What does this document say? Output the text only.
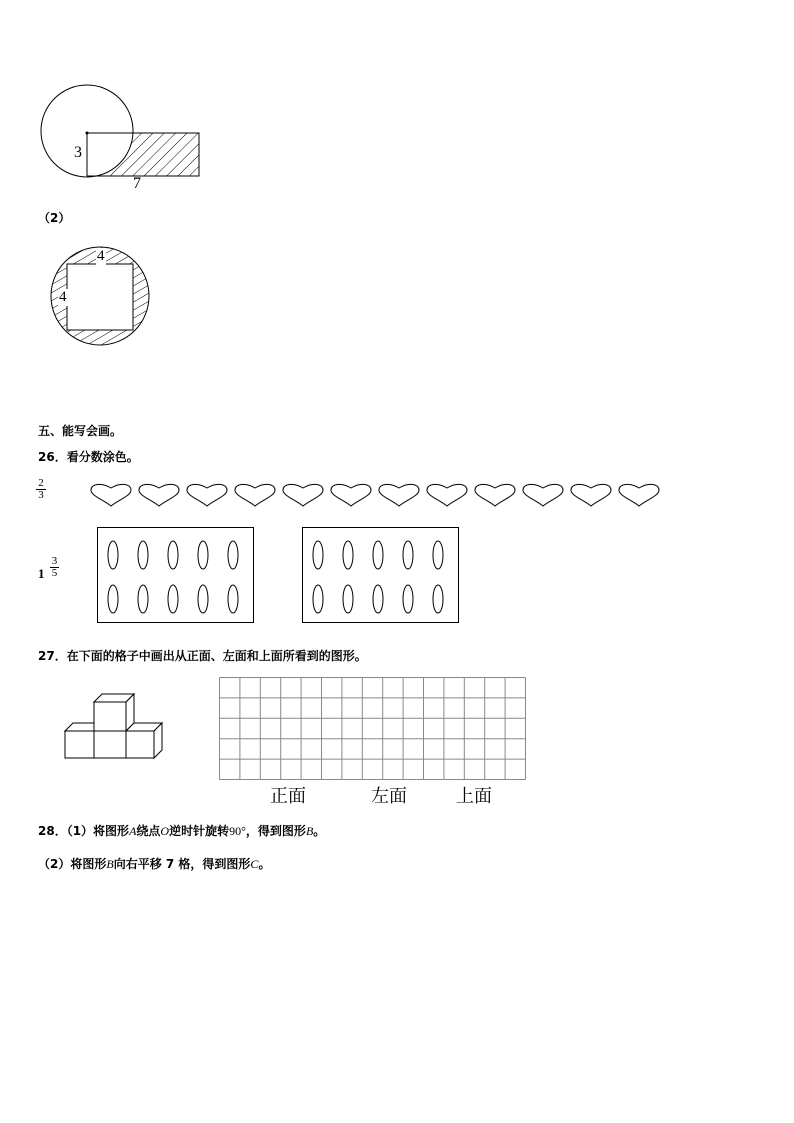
3
7
（2）
4
4
五、能写会画。
26．看分数涂色。
$\frac{2}{3}$
$1 \frac{3}{5}$
27．在下面的格子中画出从正面、左面和上面所看到的图形。
正面	左面	上面
28．（1）将图形A绕点O逆时针旋转90°，得到图形B。
（2）将图形B向右平移 7 格，得到图形C。
